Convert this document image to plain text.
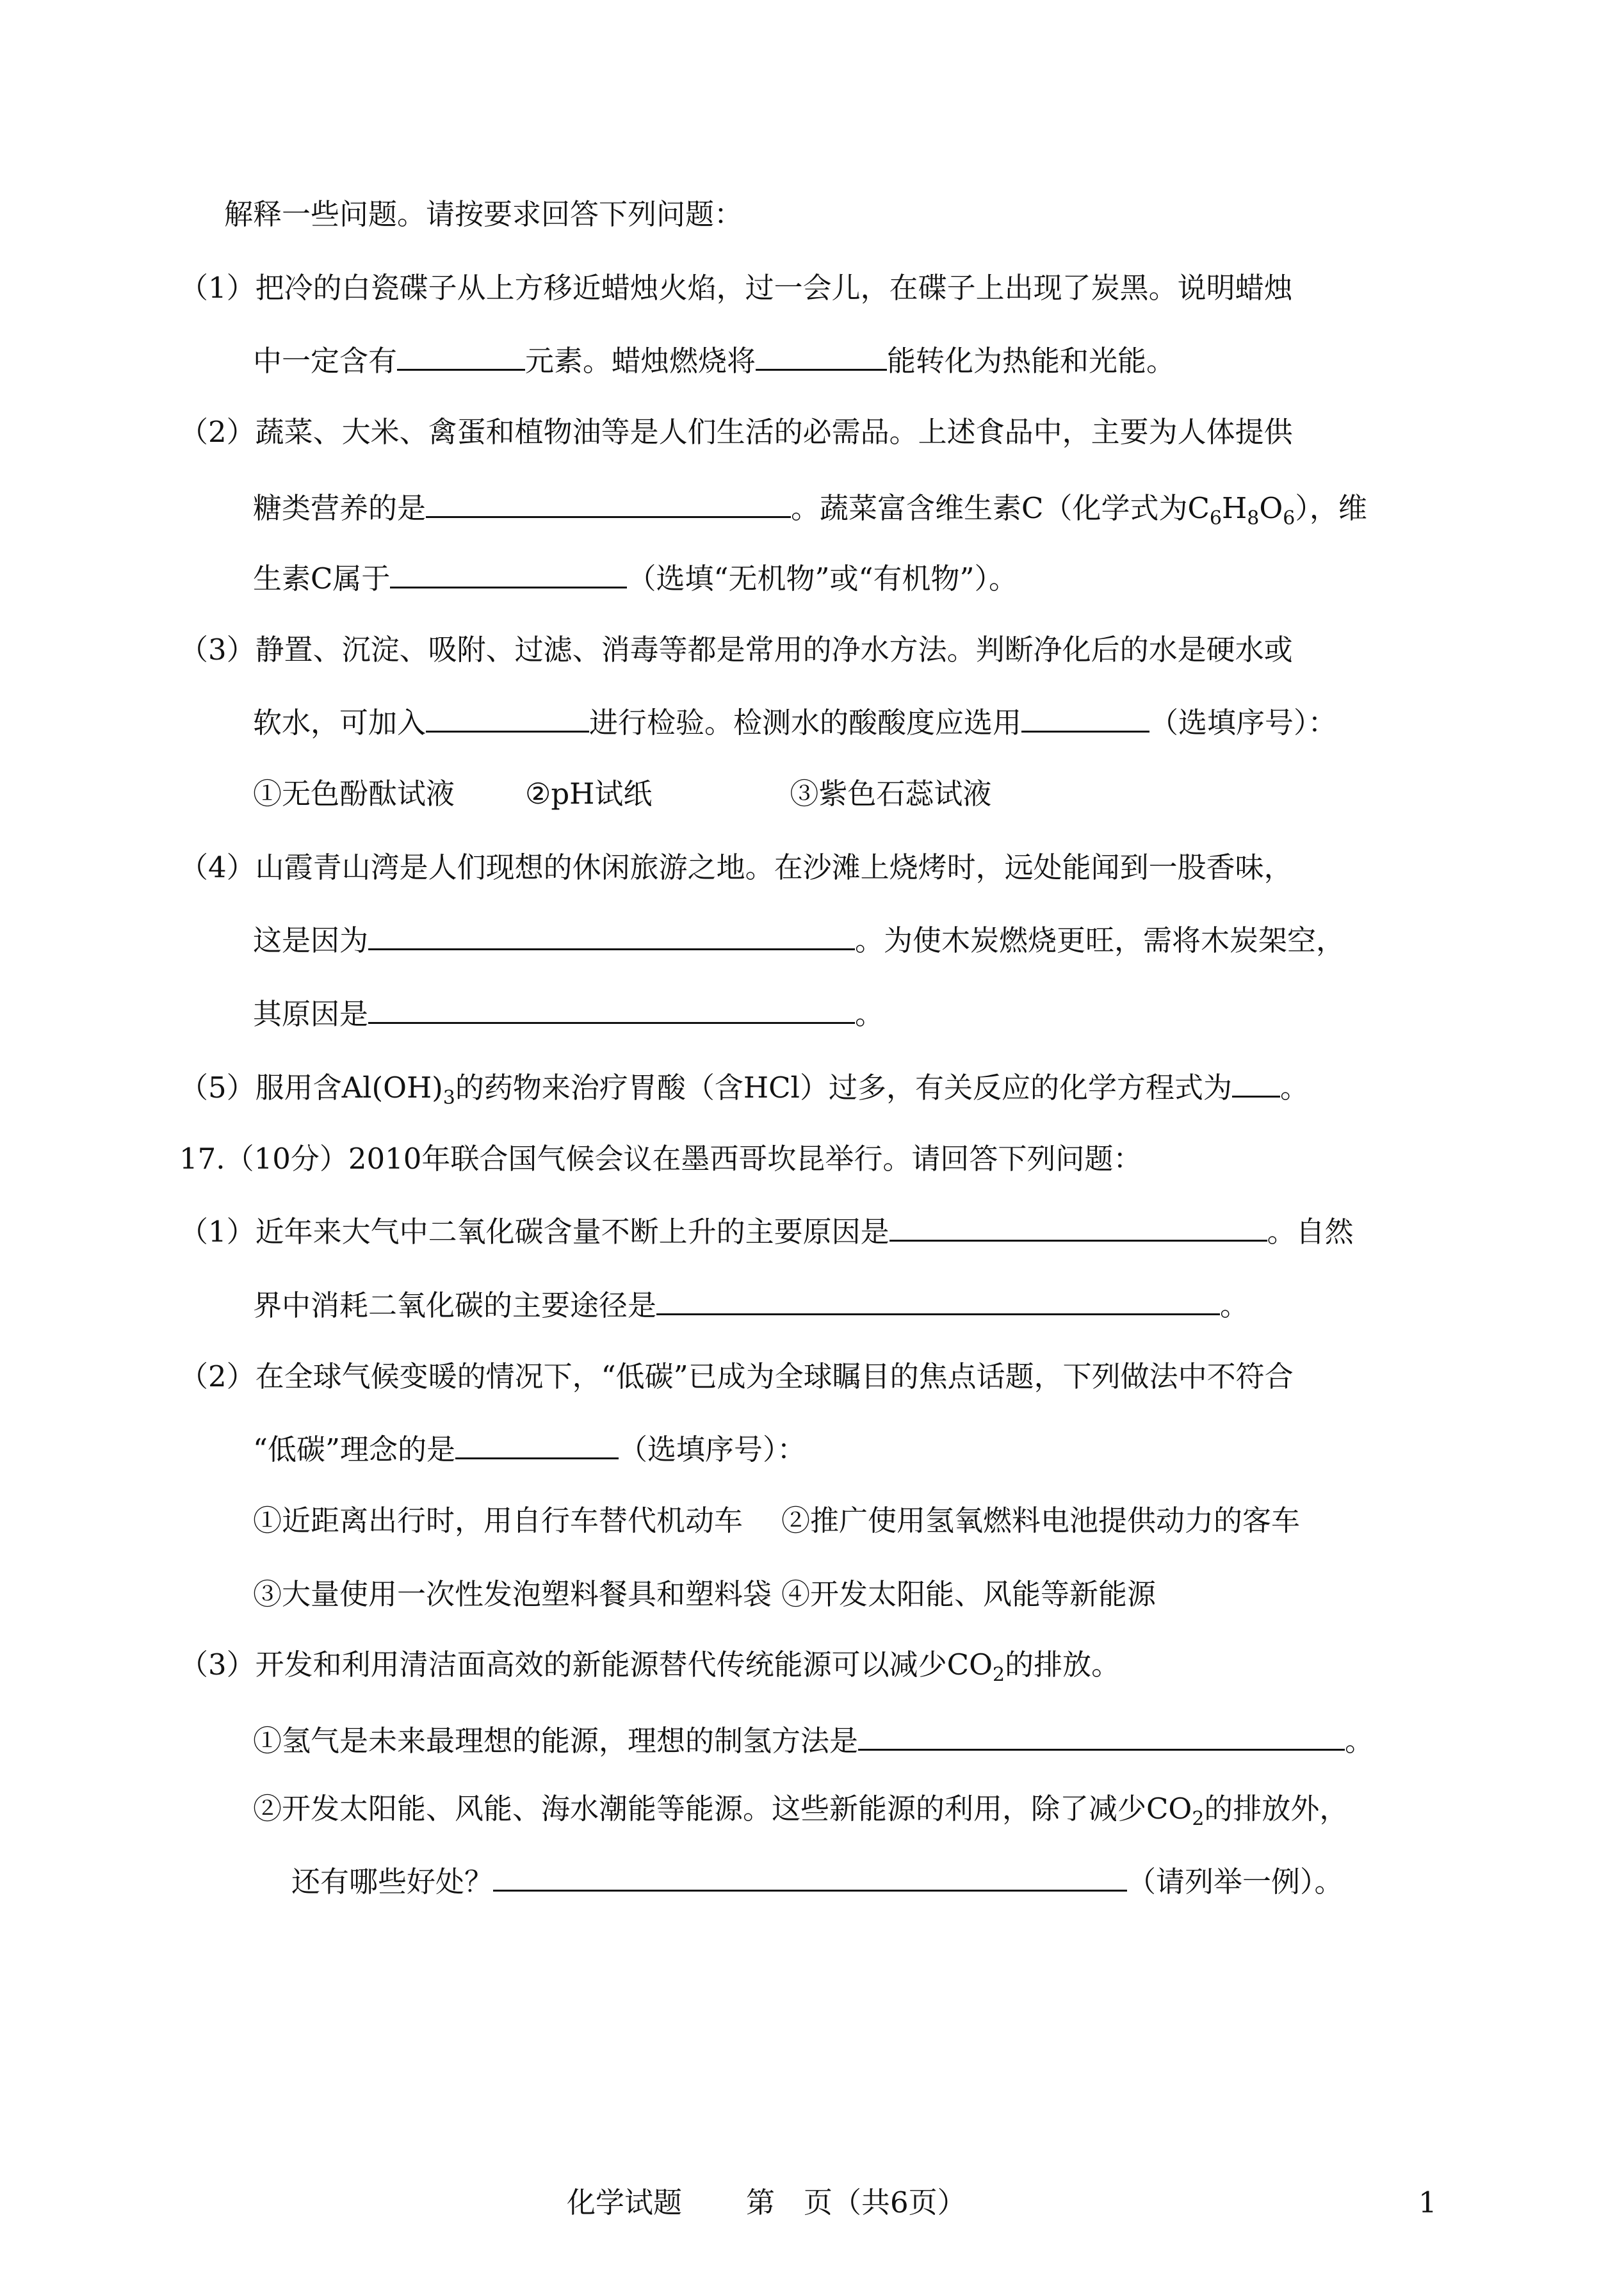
解释一些问题。请按要求回答下列问题：
（1）把冷的白瓷碟子从上方移近蜡烛火焰，过一会儿，在碟子上出现了炭黑。说明蜡烛
中一定含有	元素。蜡烛燃烧将	能转化为热能和光能。
（2）蔬菜、大米、禽蛋和植物油等是人们生活的必需品。上述食品中，主要为人体提供
糖类营养的是	。蔬菜富含维生素C（化学式为$C_6H_8O_6$），维
生素C属于	（选填“无机物”或“有机物”）。
（3）静置、沉淀、吸附、过滤、消毒等都是常用的净水方法。判断净化后的水是硬水或
软水，可加入	进行检验。检测水的酸酸度应选用	（选填序号）：
①无色酚酞试液 ②pH试纸	③紫色石蕊试液
（4）山霞青山湾是人们现想的休闲旅游之地。在沙滩上烧烤时，远处能闻到一股香味，
这是因为	。为使木炭燃烧更旺，需将木炭架空，
其原因是	。
（5）服用含$Al(OH)_3$的药物来治疗胃酸（含HCl）过多，有关反应的化学方程式为 。
17.（10分）2010年联合国气候会议在墨西哥坎昆举行。请回答下列问题：
（1）近年来大气中二氧化碳含量不断上升的主要原因是	。自然
界中消耗二氧化碳的主要途径是	。
（2）在全球气候变暖的情况下，“低碳”已成为全球瞩目的焦点话题，下列做法中不符合
“低碳”理念的是	（选填序号）：
①近距离出行时，用自行车替代机动车 ②推广使用氢氧燃料电池提供动力的客车
③大量使用一次性发泡塑料餐具和塑料袋 ④开发太阳能、风能等新能源
（3）开发和利用清洁面高效的新能源替代传统能源可以减少$CO_2$的排放。
①氢气是未来最理想的能源，理想的制氢方法是	。
②开发太阳能、风能、海水潮能等能源。这些新能源的利用，除了减少$CO_2$的排放外，
还有哪些好处？	（请列举一例）。
化学试题 第　页（共6页）	1
